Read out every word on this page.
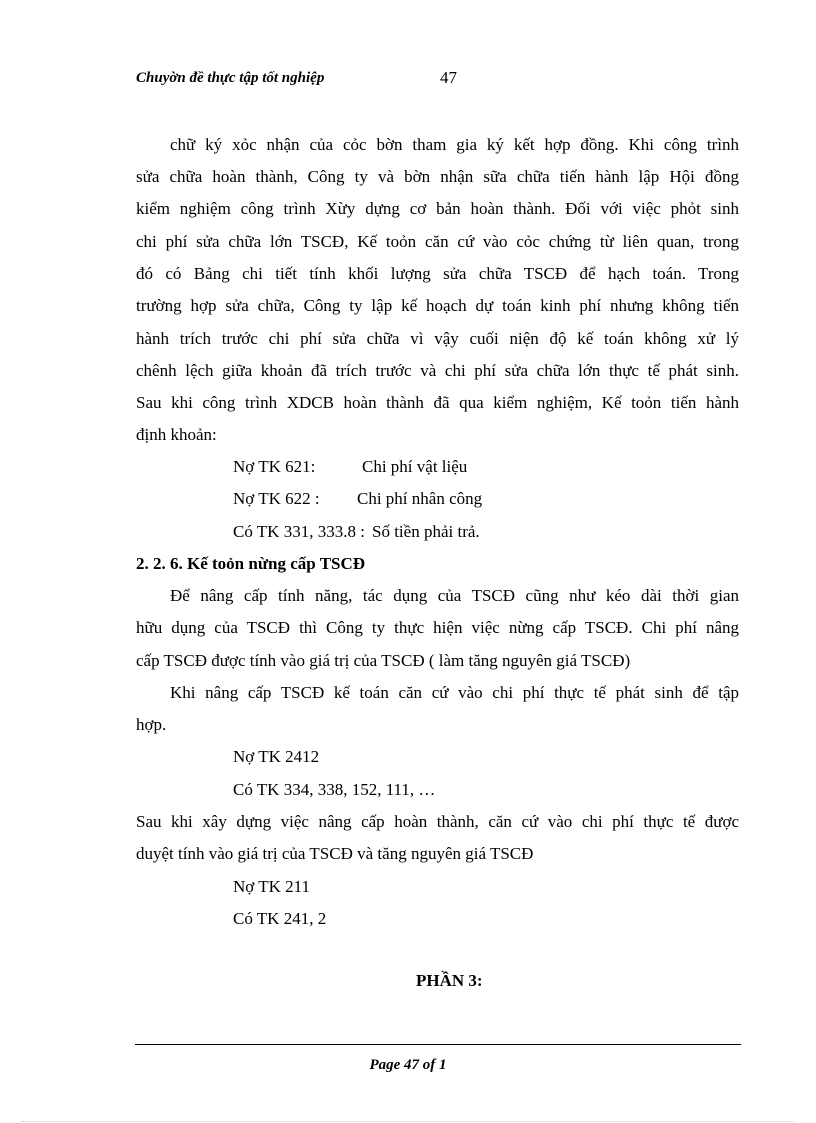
Chuyờn đề thực tập tốt nghiệp	47
chữ ký xỏc nhận của cỏc bờn tham gia ký kết hợp đồng. Khi công trình
sửa chữa hoàn thành, Công ty và bờn nhận sữa chữa tiến hành lập Hội đồng
kiểm nghiệm công trình Xừy dựng cơ bản hoàn thành. Đối với việc phỏt sinh
chi phí sửa chữa lớn TSCĐ, Kế toỏn căn cứ vào cỏc chứng từ liên quan, trong
đó có Bảng chi tiết tính khối lượng sửa chữa TSCĐ để hạch toán. Trong
trường hợp sửa chữa, Công ty lập kế hoạch dự toán kinh phí nhưng không tiến
hành trích trước chi phí sửa chữa vì vậy cuối niện độ kế toán không xử lý
chênh lệch giữa khoản đã trích trước và chi phí sửa chữa lớn thực tế phát sinh.
Sau khi công trình XDCB hoàn thành đã qua kiểm nghiệm, Kế toỏn tiến hành
định khoản:
Nợ TK 621:	Chi phí vật liệu
Nợ TK 622 : Chi phí nhân công
Có TK 331, 333.8 : Số tiền phải trả.
2. 2. 6. Kế toỏn nừng cấp TSCĐ
Để nâng cấp tính năng, tác dụng của TSCĐ cũng như kéo dài thời gian
hữu dụng của TSCĐ thì Công ty thực hiện việc nừng cấp TSCĐ. Chi phí nâng
cấp TSCĐ được tính vào giá trị của TSCĐ ( làm tăng nguyên giá TSCĐ)
Khi nâng cấp TSCĐ kế toán căn cứ vào chi phí thực tế phát sinh để tập
hợp.
Nợ TK 2412
Có TK 334, 338, 152, 111, …
Sau khi xây dựng việc nâng cấp hoàn thành, căn cứ vào chi phí thực tế được
duyệt tính vào giá trị của TSCĐ và tăng nguyên giá TSCĐ
Nợ TK 211
Có TK 241, 2
PHẦN 3:
Page 47 of 1
